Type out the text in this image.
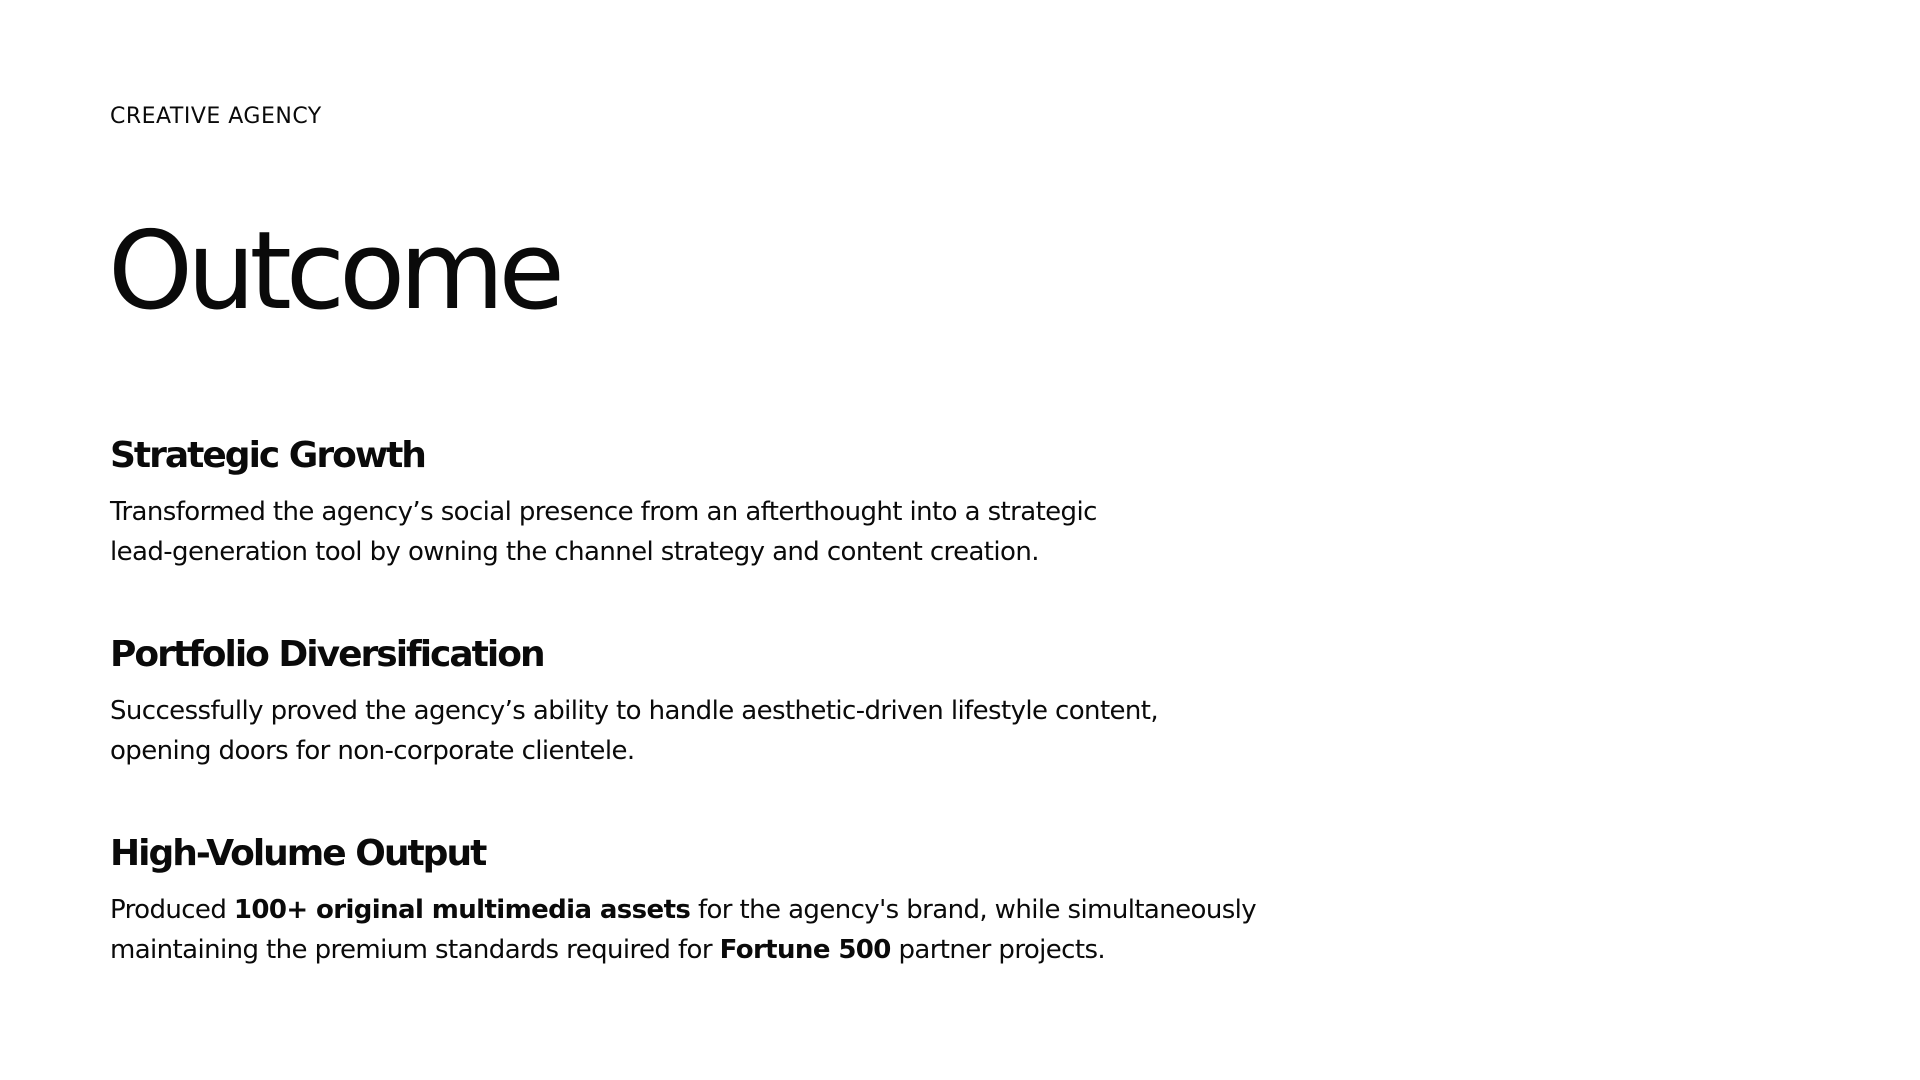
CREATIVE AGENCY
Outcome
Strategic Growth

Transformed the agency’s social presence from an afterthought into a strategic
lead-generation tool by owning the channel strategy and content creation.

Portfolio Diversification

Successfully proved the agency’s ability to handle aesthetic-driven lifestyle content,
opening doors for non-corporate clientele.

High-Volume Output

Produced 100+ original multimedia assets for the agency's brand, while simultaneously
maintaining the premium standards required for Fortune 500 partner projects.
